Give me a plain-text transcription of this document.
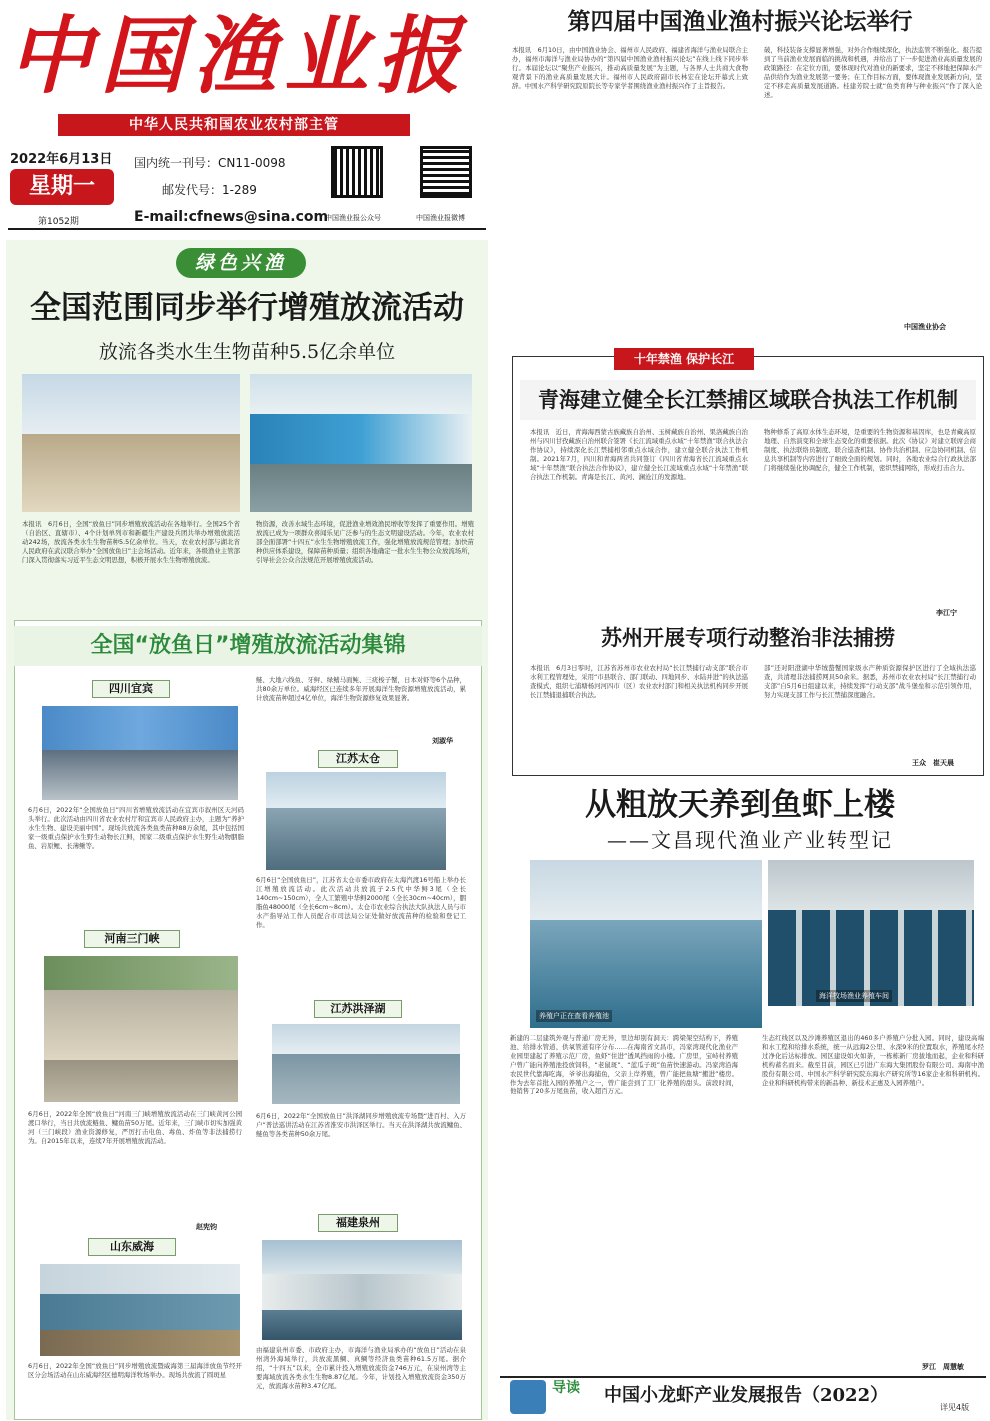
中国渔业报
中华人民共和国农业农村部主管
2022年6月13日
星期一
第1052期
国内统一刊号：CN11-0098
邮发代号：1-289
E-mail:cfnews@sina.com
中国渔业报公众号	中国渔业报微博
第四届中国渔业渔村振兴论坛举行
本报讯　6月10日，由中国渔业协会、福州市人民政府、福建省海洋与渔业局联合主办，福州市海洋与渔业局协办的“第四届中国渔业渔村振兴论坛”在线上线下同步举行。本届论坛以“聚焦产业振兴，推动高质量发展”为主题，与各界人士共商大食物观背景下的渔业高质量发展大计。福州市人民政府副市长林宏在论坛开幕式上致辞。中国水产科学研究院原院长等专家学者围绕渔业渔村振兴作了主旨报告。
破，科技装备支撑显著增强，对外合作继续深化，执法监管不断强化。报告提到了当前渔业发展面临的挑战和机遇，并给出了下一步促进渔业高质量发展的政策路径：在定位方面，要体现时代对渔业的新要求，坚定不移地把保障水产品供给作为渔业发展第一要务；在工作目标方面，要体现渔业发展新方向，坚定不移走高质量发展道路。桂建芳院士就“鱼类育种与种业振兴”作了深入论述。
中国渔业协会
绿色兴渔
全国范围同步举行增殖放流活动
放流各类水生生物苗种5.5亿余单位
本报讯　6月6日，全国“放鱼日”同步增殖放流活动在各地举行。全国25个省（自治区、直辖市）、4个计划单列市和新疆生产建设兵团共举办增殖放流活动242场，放流各类水生生物苗种5.5亿余单位。当天，农业农村部与湖北省人民政府在武汉联合举办“全国放鱼日”主会场活动。近年来，各级渔业主管部门深入贯彻落实习近平生态文明思想，积极开展水生生物增殖放流。
物资源，改善水域生态环境，促进渔业增效渔民增收等发挥了重要作用。增殖放流已成为一项群众喜闻乐见广泛参与的生态文明建设活动。今年，农业农村部全面部署“十四五”水生生物增殖放流工作，强化增殖放流规范管理；加快苗种供应体系建设，保障苗种质量；组织各地确定一批水生生物公众放流场所，引导社会公众合法规范开展增殖放流活动。
全国“放鱼日”增殖放流活动集锦
四川宜宾
6月6日，2022年“全国放鱼日”四川省增殖放流活动在宜宾市叙州区天河码头举行。此次活动由四川省农业农村厅和宜宾市人民政府主办，主题为“养护水生生物、建设美丽中国”。现场共放流各类鱼类苗种88万余尾，其中包括国家一级重点保护水生野生动物长江鲟，国家二级重点保护水生野生动物胭脂鱼、岩原鲤、长薄鳅等。
鲢、大地六线鱼、牙鲆、绿鳍马面鲀、三疣梭子蟹，日本对虾等6个品种，共80余万单位。威海经区已连续多年开展海洋生物资源增殖放流活动，累计放流苗种超过4亿单位，海洋生物资源修复效果显著。
刘淑华
河南三门峡
6月6日，2022年全国“放鱼日”河南三门峡增殖放流活动在三门峡黄河公园渡口举行，当日共放流鲢鱼、鳙鱼苗50万尾。近年来，三门峡市切实加强黄河（三门峡段）渔业资源修复，严厉打击电鱼、毒鱼、炸鱼等非法捕捞行为。自2015年以来，连续7年开展增殖放流活动。
赵宪钧
山东威海
6月6日，2022年全国“放鱼日”同步增殖放流暨威海第三届海洋放鱼节经开区分会场活动在山东威海经区德明海洋牧场举办。现场共放流了圆斑星
江苏太仓
6月6日“全国放鱼日”，江苏省太仓市委市政府在太海汽渡16号船上举办长江增殖放流活动。此次活动共放流子2.5代中华鲟3尾（全长140cm~150cm），全人工繁殖中华鲟2000尾（全长30cm~40cm），胭脂鱼48000尾（全长6cm~8cm）。太仓市农业综合执法大队执法人员与市水产指导站工作人员配合市司法局公证处做好放流苗种的检验和登记工作。
江苏洪泽湖
6月6日，2022年“全国放鱼日”洪泽湖同步增殖放流专场暨“进百村、入万户”普法巡讲活动在江苏省淮安市洪泽区举行。当天在洪泽湖共放流鳙鱼、鲢鱼等各类苗种50余万尾。
福建泉州
由福建泉州市委、市政府主办，市海洋与渔业局承办的“放鱼日”活动在泉州湾外海域举行，共放流黑鲷、真鲷等经济鱼类苗种61.5万尾。据介绍，“十四五”以来，全市累计投入增殖放流资金746万元，在泉州湾等主要海域放流各类水生生物8.87亿尾。今年，计划投入增殖放流资金350万元，放流海水苗种3.47亿尾。
十年禁渔 保护长江
青海建立健全长江禁捕区域联合执法工作机制
本报讯　近日，青海海西蒙古族藏族自治州、玉树藏族自治州、果洛藏族自治州与四川甘孜藏族自治州联合签署《长江流域重点水域“十年禁渔”联合执法合作协议》，持续深化长江禁捕相邻重点水域合作，建立健全联合执法工作机制。2021年7月，四川和青海两省共同签订《四川省青海省长江流域重点水域“十年禁渔”联合执法合作协议》，建立健全长江流域重点水域“十年禁渔”联合执法工作机制。青海是长江、黄河、澜沧江的发源地。
物种修系了高原水体生态环境，是重要的生物资源和基因库，也是青藏高原地理、自然演变和全球生态变化的重要依据。此次《协议》对建立联席会商制度、执法联络员制度、联合巡查机制、协作共治机制、应急协同机制、信息共享机制等内容进行了细致全面的规划。同时，各地农业综合行政执法部门将继续强化协调配合，健全工作机制，密织禁捕网络，形成打击合力。
李江宁
苏州开展专项行动整治非法捕捞
本报讯　6月3日零时，江苏省苏州市农业农村局“长江禁捕行动支部”联合市水利工程管理处，采用“市县联合、部门联动、四地同步、水陆并进”的执法巡查模式，组织七浦塘杨河河四市（区）农业农村部门和相关执法机构同步开展长江禁捕退捕联合执法。
部”还对阳澄湖中华绒螯蟹国家级水产种质资源保护区进行了全域执法巡查，共清理非法捕捞网具50余米。据悉，苏州市农业农村局“长江禁捕行动支部”自5月6日组建以来，持续发挥“行动支部”战斗堡垒和示范引领作用，努力实现支部工作与长江禁捕深度融合。
王众　崔天晨
从粗放天养到鱼虾上楼
——文昌现代渔业产业转型记
养殖户正在查看养殖池
海洋牧场渔业养殖车间
新建的二层建筑外观与普通厂房无异，里边却别有洞天：跨梁架空结构下，养殖池、给排水管道、供氧管道有序分布……在海南省文昌市，冯家湾现代化渔业产业园里建起了养殖示范厂房，鱼虾“住进”透风挡雨的小楼。广房里，宝峙村养殖户曾广能向养殖池投放饲料，“老鼠斑”、“蓝瓜子斑”鱼苗快速游动。冯家湾沿海农民世代靠海吃海，爷爷出海捕鱼，父亲上岸养殖，曾广能把鱼塘“搬进”楼房。作为去年首批入园的养殖户之一，曾广能尝到了工厂化养殖的甜头。前段时间，他销售了20多万尾鱼苗，收入超百万元。
生态红线区以及沙滩养殖区退出的460多户养殖户分批入园。同时，建设高端和水工程和给排水系统，统一从远海2公里、水深9米的位置取水，养殖尾水经过净化后达标排放。园区建设如火如荼，一栋栋新厂房拔地而起，企业和科研机构蓄名而来。截至目前，园区已引进广东海大集团股份有限公司、海南中渔股份有限公司、中国水产科学研究院东海水产研究所等16家企业和科研机构。企业和科研机构带来的新品种、新技术正惠及入园养殖户。
罗江　周慧敏
导读 中国小龙虾产业发展报告（2022）
详见4版
